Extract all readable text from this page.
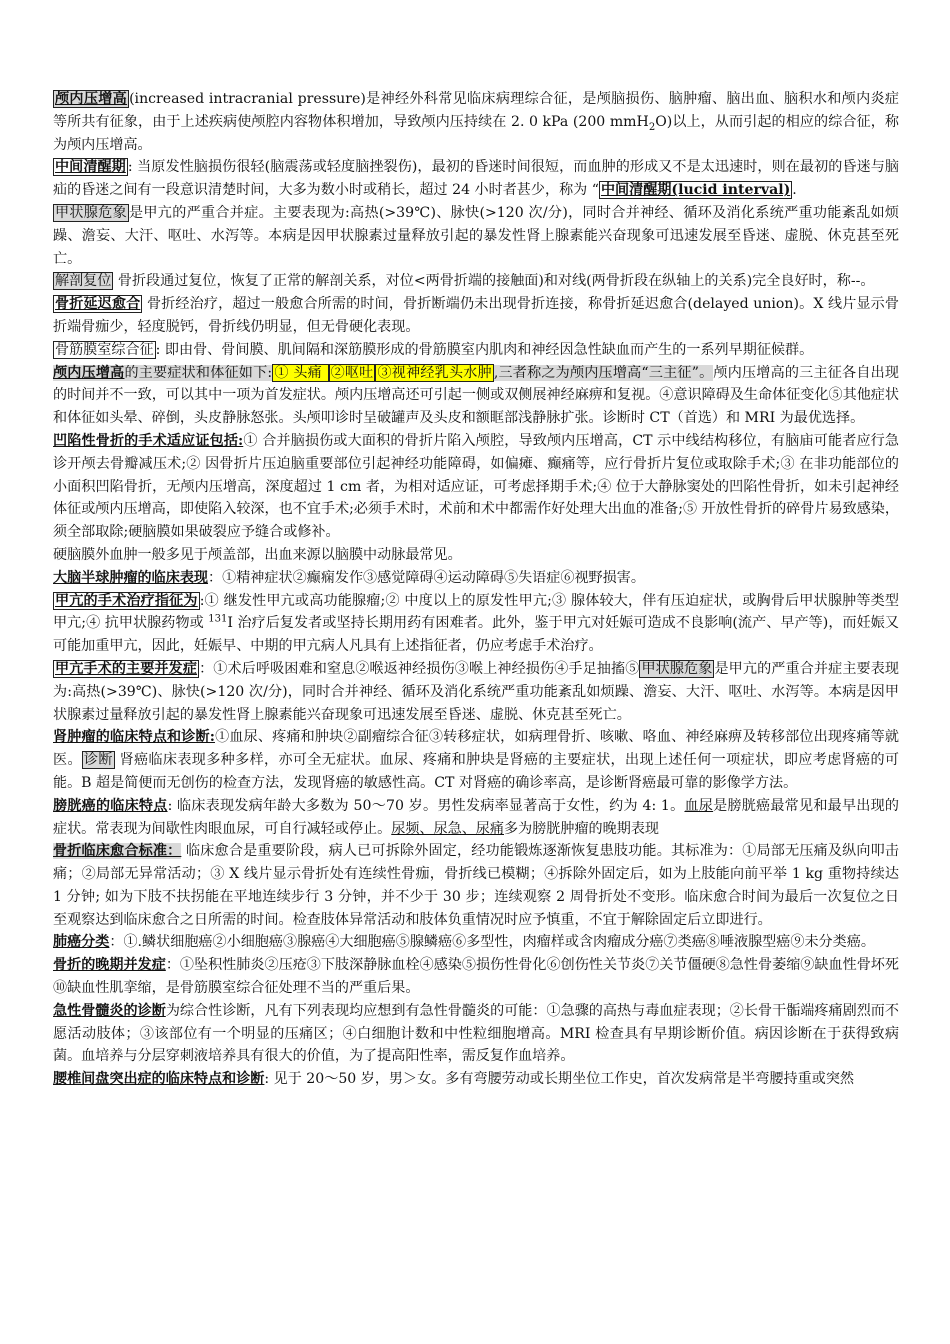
颅内压增高 (increased intracranial pressure)是神经外科常见临床病理综合征，是颅脑损伤、脑肿瘤、脑出血、脑积水和颅内炎症等所共有征象，由于上述疾病使颅腔内容物体积增加，导致颅内压持续在 2. 0 kPa (200 mmH$_2$O)以上，从而引起的相应的综合征，称为颅内压增高。

中间清醒期 : 当原发性脑损伤很轻(脑震荡或轻度脑挫裂伤)，最初的昏迷时间很短，而血肿的形成又不是太迅速时，则在最初的昏迷与脑疝的昏迷之间有一段意识清楚时间，大多为数小时或稍长，超过 24 小时者甚少，称为 “ 中间清醒期(lucid interval) .

甲状腺危象 是甲亢的严重合并症。主要表现为:高热(>39℃)、脉快(>120 次/分)，同时合并神经、循环及消化系统严重功能紊乱如烦躁、澹妄、大汗、呕吐、水泻等。本病是因甲状腺素过量释放引起的暴发性肾上腺素能兴奋现象可迅速发展至昏迷、虚脱、休克甚至死亡。

解剖复位 骨折段通过复位，恢复了正常的解剖关系，对位<两骨折端的接触面)和对线(两骨折段在纵轴上的关系)完全良好时，称--。

骨折延迟愈合 骨折经治疗，超过一般愈合所需的时间，骨折断端仍未出现骨折连接，称骨折延迟愈合(delayed union)。X 线片显示骨折端骨痂少，轻度脱钙，骨折线仍明显，但无骨硬化表现。

骨筋膜室综合征 : 即由骨、骨间膜、肌间隔和深筋膜形成的骨筋膜室内肌肉和神经因急性缺血而产生的一系列早期征候群。

颅内压增高的主要症状和体征如下: ① 头痛 ②呕吐 ③视神经乳头水肿 ,三者称之为颅内压增高“三主征”。颅内压增高的三主征各自出现的时间并不一致，可以其中一项为首发症状。颅内压增高还可引起一侧或双侧展神经麻痹和复视。④意识障碍及生命体征变化⑤其他症状和体征如头晕、碎倒，头皮静脉怒张。头颅叩诊时呈破罐声及头皮和额眶部浅静脉扩张。诊断时 CT（首选）和 MRI 为最优选择。

凹陷性骨折的手术适应证包括:① 合并脑损伤或大面积的骨折片陷入颅腔，导致颅内压增高，CT 示中线结构移位，有脑庙可能者应行急诊开颅去骨瓣减压术;② 因骨折片压迫脑重要部位引起神经功能障碍，如偏瘫、癫痛等，应行骨折片复位或取除手术;③ 在非功能部位的小面积凹陷骨折，无颅内压增高，深度超过 1 cm 者，为相对适应证，可考虑择期手术;④ 位于大静脉窦处的凹陷性骨折，如未引起神经体征或颅内压增高，即使陷入较深，也不宜手术;必须手术时，术前和术中都需作好处理大出血的准备;⑤ 开放性骨折的碎骨片易致感染，须全部取除;硬脑膜如果破裂应予缝合或修补。

硬脑膜外血肿一般多见于颅盖部，出血来源以脑膜中动脉最常见。

大脑半球肿瘤的临床表现：①精神症状②癫痫发作③感觉障碍④运动障碍⑤失语症⑥视野损害。

甲亢的手术治疗指征为 :① 继发性甲亢或高功能腺瘤;② 中度以上的原发性甲亢;③ 腺体较大，伴有压迫症状，或胸骨后甲状腺肿等类型甲亢;④ 抗甲状腺药物或 $^{131}$I 治疗后复发者或坚持长期用药有困难者。此外，鉴于甲亢对妊娠可造成不良影响(流产、早产等)，而妊娠又可能加重甲亢，因此，妊娠早、中期的甲亢病人凡具有上述指征者，仍应考虑手术治疗。

甲亢手术的主要并发症 ：①术后呼吸困难和窒息②喉返神经损伤③喉上神经损伤④手足抽搐⑤ 甲状腺危象 是甲亢的严重合并症主要表现为:高热(>39℃)、脉快(>120 次/分)，同时合并神经、循环及消化系统严重功能紊乱如烦躁、澹妄、大汗、呕吐、水泻等。本病是因甲状腺素过量释放引起的暴发性肾上腺素能兴奋现象可迅速发展至昏迷、虚脱、休克甚至死亡。

肾肿瘤的临床特点和诊断:①血尿、疼痛和肿块②副瘤综合征③转移症状，如病理骨折、咳嗽、咯血、神经麻痹及转移部位出现疼痛等就医。 诊断 肾癌临床表现多种多样，亦可全无症状。血尿、疼痛和肿块是肾癌的主要症状，出现上述任何一项症状，即应考虑肾癌的可能。B 超是简便而无创伤的检查方法，发现肾癌的敏感性高。CT 对肾癌的确诊率高，是诊断肾癌最可靠的影像学方法。

膀胱癌的临床特点: 临床表现发病年龄大多数为 50～70 岁。男性发病率显著高于女性，约为 4: 1。血尿是膀胱癌最常见和最早出现的症状。常表现为间歇性肉眼血尿，可自行减轻或停止。尿频、尿急、尿痛多为膀胱肿瘤的晚期表现

骨折临床愈合标准： 临床愈合是重要阶段，病人已可拆除外固定，经功能锻炼逐渐恢复患肢功能。其标准为：①局部无压痛及纵向叩击痛；②局部无异常活动；③ X 线片显示骨折处有连续性骨痂，骨折线已模糊；④拆除外固定后，如为上肢能向前平举 1 kg 重物持续达 1 分钟; 如为下肢不扶拐能在平地连续步行 3 分钟，并不少于 30 步；连续观察 2 周骨折处不变形。临床愈合时间为最后一次复位之日至观察达到临床愈合之日所需的时间。检查肢体异常活动和肢体负重情况时应予慎重，不宜于解除固定后立即进行。

肺癌分类：①.鳞状细胞癌②小细胞癌③腺癌④大细胞癌⑤腺鳞癌⑥多型性，肉瘤样或含肉瘤成分癌⑦类癌⑧唾液腺型癌⑨未分类癌。

骨折的晚期并发症：①坠积性肺炎②压疮③下肢深静脉血栓④感染⑤损伤性骨化⑥创伤性关节炎⑦关节僵硬⑧急性骨萎缩⑨缺血性骨坏死⑩缺血性肌挛缩，是骨筋膜室综合征处理不当的严重后果。

急性骨髓炎的诊断为综合性诊断，凡有下列表现均应想到有急性骨髓炎的可能：①急骤的高热与毒血症表现；②长骨干骺端疼痛剧烈而不愿活动肢体；③该部位有一个明显的压痛区；④白细胞计数和中性粒细胞增高。MRI 检查具有早期诊断价值。病因诊断在于获得致病菌。血培养与分层穿刺液培养具有很大的价值，为了提高阳性率，需反复作血培养。

腰椎间盘突出症的临床特点和诊断: 见于 20～50 岁，男＞女。多有弯腰劳动或长期坐位工作史，首次发病常是半弯腰持重或突然
